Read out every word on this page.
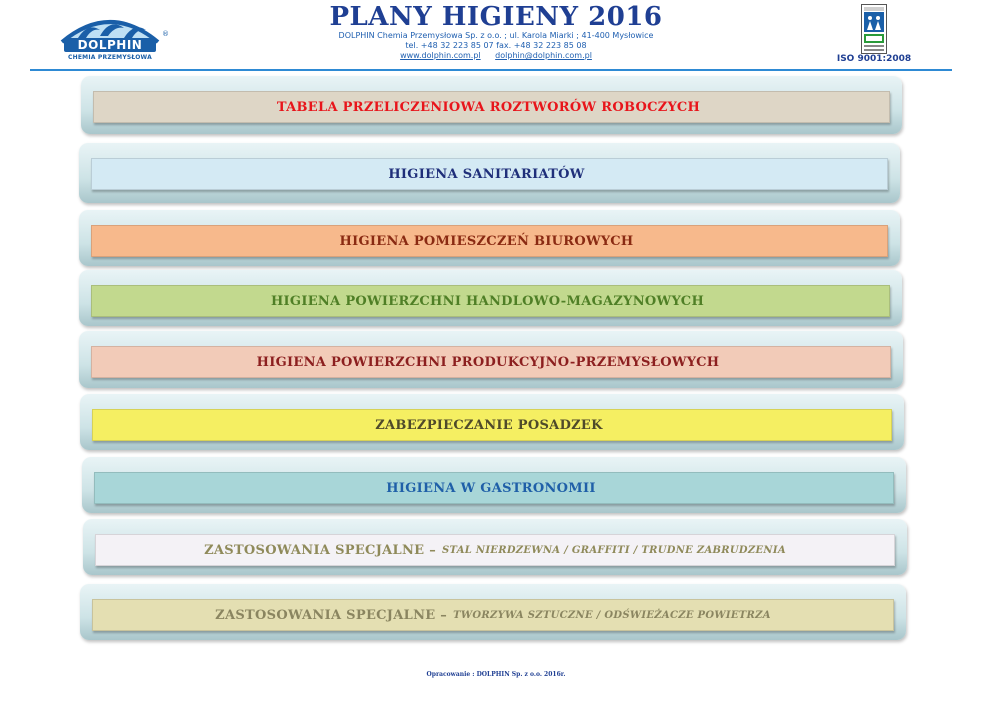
DOLPHIN
CHEMIA PRZEMYSŁOWA
®
PLANY HIGIENY 2016
DOLPHIN Chemia Przemysłowa Sp. z o.o. ; ul. Karola Miarki ; 41-400 Mysłowice
tel. +48 32 223 85 07 fax. +48 32 223 85 08
www.dolphin.com.pl dolphin@dolphin.com.pl	ISO 9001:2008
TABELA PRZELICZENIOWA ROZTWORÓW ROBOCZYCH
HIGIENA SANITARIATÓW
HIGIENA POMIESZCZEŃ BIUROWYCH
HIGIENA POWIERZCHNI HANDLOWO-MAGAZYNOWYCH
HIGIENA POWIERZCHNI PRODUKCYJNO-PRZEMYSŁOWYCH
ZABEZPIECZANIE POSADZEK
HIGIENA W GASTRONOMII
ZASTOSOWANIA SPECJALNE – STAL NIERDZEWNA / GRAFFITI / TRUDNE ZABRUDZENIA
ZASTOSOWANIA SPECJALNE – TWORZYWA SZTUCZNE / ODŚWIEŻACZE POWIETRZA
Opracowanie : DOLPHIN Sp. z o.o. 2016r.
